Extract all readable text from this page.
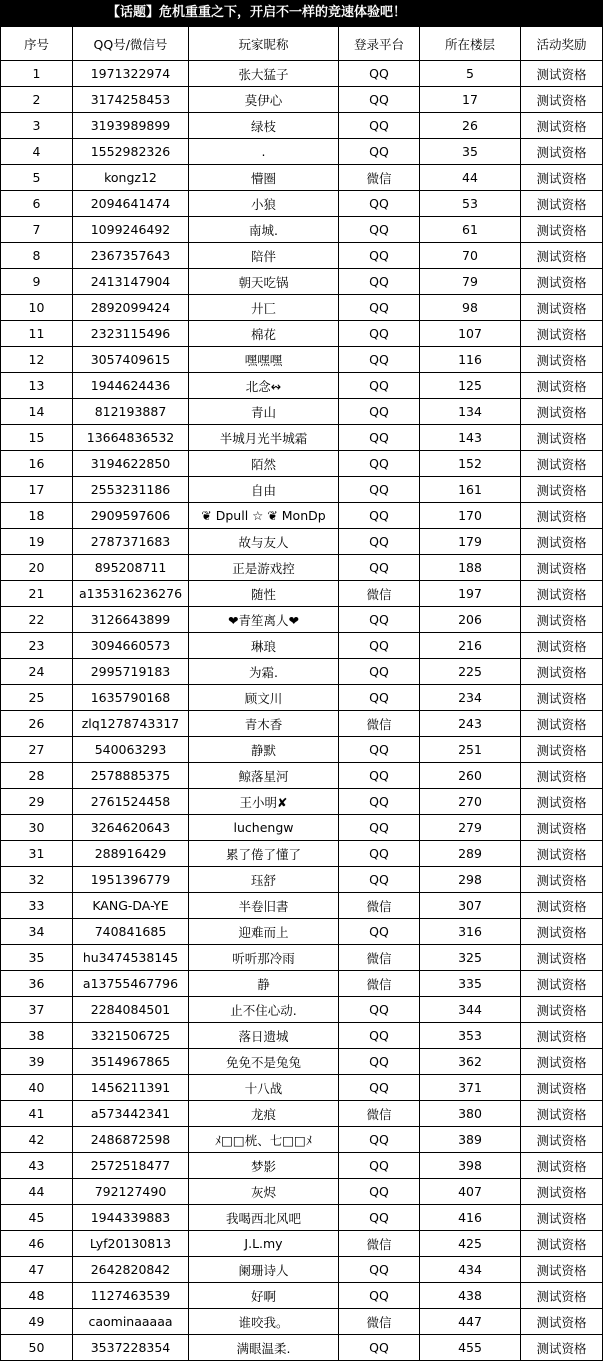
【话题】危机重重之下，开启不一样的竞速体验吧！
序号	QQ号/微信号	玩家昵称	登录平台	所在楼层	活动奖励
1	1971322974	张大猛子	QQ	5	测试资格
2	3174258453	莫伊心	QQ	17	测试资格
3	3193989899	绿枝	QQ	26	测试资格
4	1552982326	.	QQ	35	测试资格
5	kongz12	懵圈	微信	44	测试资格
6	2094641474	小狼	QQ	53	测试资格
7	1099246492	南城.	QQ	61	测试资格
8	2367357643	陪伴	QQ	70	测试资格
9	2413147904	朝天吃锅	QQ	79	测试资格
10	2892099424	廾匸	QQ	98	测试资格
11	2323115496	棉花	QQ	107	测试资格
12	3057409615	嘿嘿嘿	QQ	116	测试资格
13	1944624436	北念↭	QQ	125	测试资格
14	812193887	青山	QQ	134	测试资格
15	13664836532	半城月光半城霜	QQ	143	测试资格
16	3194622850	陌然	QQ	152	测试资格
17	2553231186	自由	QQ	161	测试资格
18	2909597606	❦ Dpull ☆ ❦ MonDp	QQ	170	测试资格
19	2787371683	故与友人	QQ	179	测试资格
20	895208711	正是游戏控	QQ	188	测试资格
21	a135316236276	随性	微信	197	测试资格
22	3126643899	❤青笙离人❤	QQ	206	测试资格
23	3094660573	琳琅	QQ	216	测试资格
24	2995719183	为霜.	QQ	225	测试资格
25	1635790168	顾文川	QQ	234	测试资格
26	zlq1278743317	青木香	微信	243	测试资格
27	540063293	静默	QQ	251	测试资格
28	2578885375	鲸落星河	QQ	260	测试资格
29	2761524458	王小明✘	QQ	270	测试资格
30	3264620643	luchengw	QQ	279	测试资格
31	288916429	累了倦了懂了	QQ	289	测试资格
32	1951396779	珏舒	QQ	298	测试资格
33	KANG-DA-YE	半卷旧書	微信	307	测试资格
34	740841685	迎难而上	QQ	316	测试资格
35	hu3474538145	听听那冷雨	微信	325	测试资格
36	a13755467796	静	微信	335	测试资格
37	2284084501	止不住心动.	QQ	344	测试资格
38	3321506725	落日遗城	QQ	353	测试资格
39	3514967865	免免不是兔兔	QQ	362	测试资格
40	1456211391	十八战	QQ	371	测试资格
41	a573442341	龙痕	微信	380	测试资格
42	2486872598	ﾒ□□桄、七□□ﾒ	QQ	389	测试资格
43	2572518477	梦影	QQ	398	测试资格
44	792127490	灰烬	QQ	407	测试资格
45	1944339883	我喝西北风吧	QQ	416	测试资格
46	Lyf20130813	J.L.my	微信	425	测试资格
47	2642820842	阑珊诗人	QQ	434	测试资格
48	1127463539	好啊	QQ	438	测试资格
49	caominaaaaa	谁咬我。	微信	447	测试资格
50	3537228354	满眼温柔.	QQ	455	测试资格
